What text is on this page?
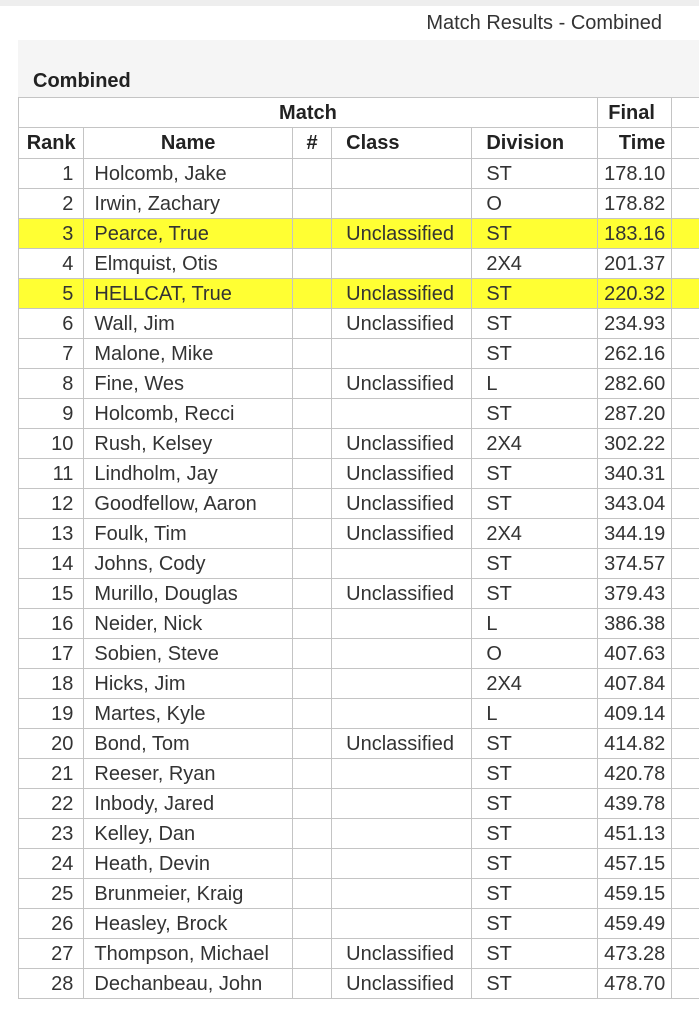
Match Results - Combined
Combined
Match					Final	
Rank	Name	#	Class	Division	Time	
1	Holcomb, Jake			ST	178.10	
2	Irwin, Zachary			O	178.82	
3	Pearce, True		Unclassified	ST	183.16	
4	Elmquist, Otis			2X4	201.37	
5	HELLCAT, True		Unclassified	ST	220.32	
6	Wall, Jim		Unclassified	ST	234.93	
7	Malone, Mike			ST	262.16	
8	Fine, Wes		Unclassified	L	282.60	
9	Holcomb, Recci			ST	287.20	
10	Rush, Kelsey		Unclassified	2X4	302.22	
11	Lindholm, Jay		Unclassified	ST	340.31	
12	Goodfellow, Aaron		Unclassified	ST	343.04	
13	Foulk, Tim		Unclassified	2X4	344.19	
14	Johns, Cody			ST	374.57	
15	Murillo, Douglas		Unclassified	ST	379.43	
16	Neider, Nick			L	386.38	
17	Sobien, Steve			O	407.63	
18	Hicks, Jim			2X4	407.84	
19	Martes, Kyle			L	409.14	
20	Bond, Tom		Unclassified	ST	414.82	
21	Reeser, Ryan			ST	420.78	
22	Inbody, Jared			ST	439.78	
23	Kelley, Dan			ST	451.13	
24	Heath, Devin			ST	457.15	
25	Brunmeier, Kraig			ST	459.15	
26	Heasley, Brock			ST	459.49	
27	Thompson, Michael		Unclassified	ST	473.28	
28	Dechanbeau, John		Unclassified	ST	478.70	
